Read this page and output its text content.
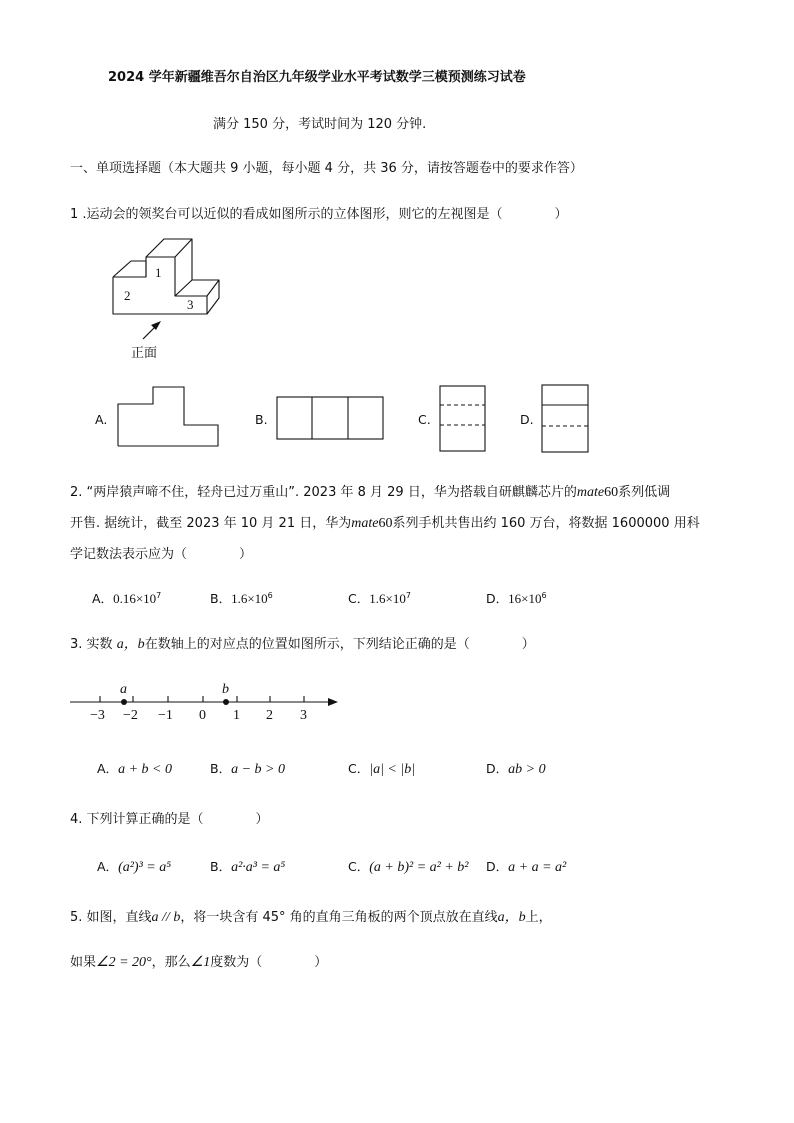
2024 学年新疆维吾尔自治区九年级学业水平考试数学三模预测练习试卷
满分 150 分，考试时间为 120 分钟.
一、单项选择题（本大题共 9 小题，每小题 4 分，共 36 分，请按答题卷中的要求作答）
1 .运动会的领奖台可以近似的看成如图所示的立体图形，则它的左视图是（　　　　）
1
2
3
正面
A.	B.	C.	D.
2. “两岸猿声啼不住，轻舟已过万重山”. 2023 年 8 月 29 日，华为搭载自研麒麟芯片的mate60系列低调
开售. 据统计，截至 2023 年 10 月 21 日，华为mate60系列手机共售出约 160 万台，将数据 1600000 用科
学记数法表示应为（　　　　）
A．$0.16\times 10^7$	B．$1.6\times 10^6$	C．$1.6\times 10^7$	D．$16\times 10^6$
3. 实数 a，b在数轴上的对应点的位置如图所示，下列结论正确的是（　　　　）
a	b
−3 −2 −1 0 1 2 3
A．a + b < 0	B．a − b > 0	C．|a| < |b|	D．ab > 0
4. 下列计算正确的是（　　　　）
A．(a²)³ = a⁵	B．a²·a³ = a⁵	C．(a + b)² = a² + b² D．a + a = a²
5. 如图，直线a // b，将一块含有 45° 角的直角三角板的两个顶点放在直线a，b上，
如果∠2 = 20°，那么∠1度数为（　　　　）
